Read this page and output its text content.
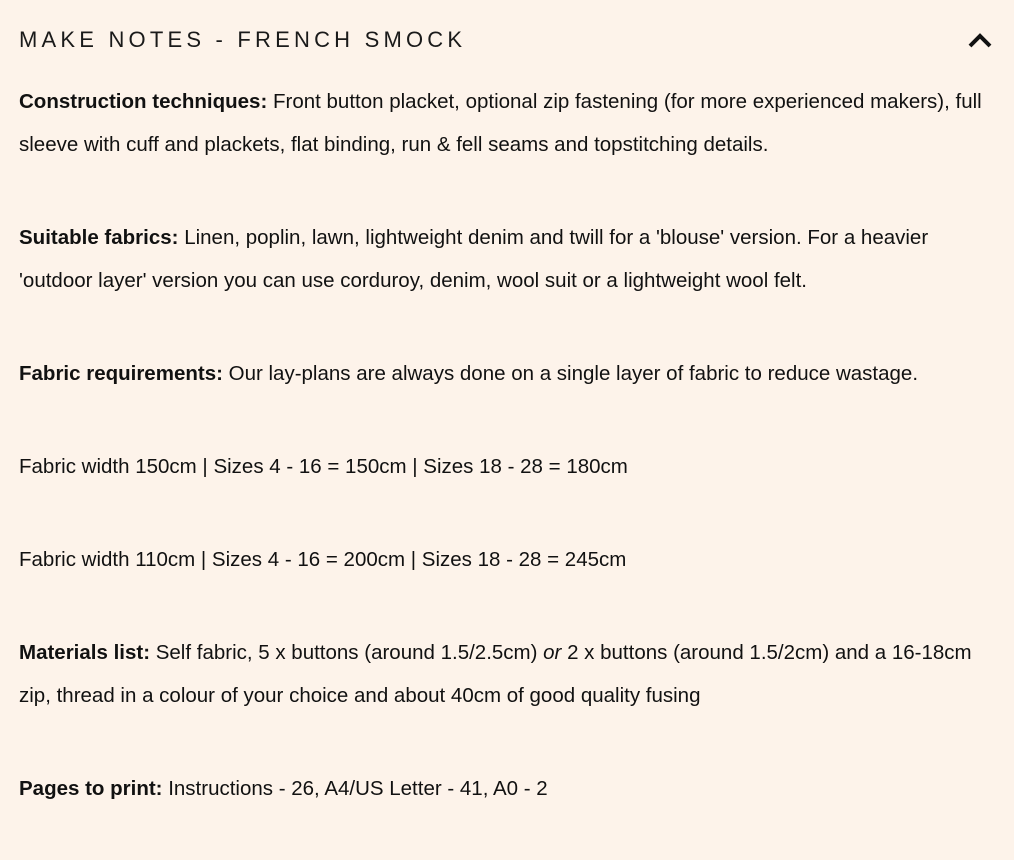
MAKE NOTES - FRENCH SMOCK

Construction techniques: Front button placket, optional zip fastening (for more experienced makers), full sleeve with cuff and plackets, flat binding, run & fell seams and topstitching details.

Suitable fabrics: Linen, poplin, lawn, lightweight denim and twill for a 'blouse' version. For a heavier 'outdoor layer' version you can use corduroy, denim, wool suit or a lightweight wool felt.

Fabric requirements: Our lay-plans are always done on a single layer of fabric to reduce wastage.

Fabric width 150cm | Sizes 4 - 16 = 150cm | Sizes 18 - 28 = 180cm

Fabric width 110cm | Sizes 4 - 16 = 200cm | Sizes 18 - 28 = 245cm

Materials list: Self fabric, 5 x buttons (around 1.5/2.5cm) or 2 x buttons (around 1.5/2cm) and a 16-18cm zip, thread in a colour of your choice and about 40cm of good quality fusing

Pages to print: Instructions - 26, A4/US Letter - 41, A0 - 2
